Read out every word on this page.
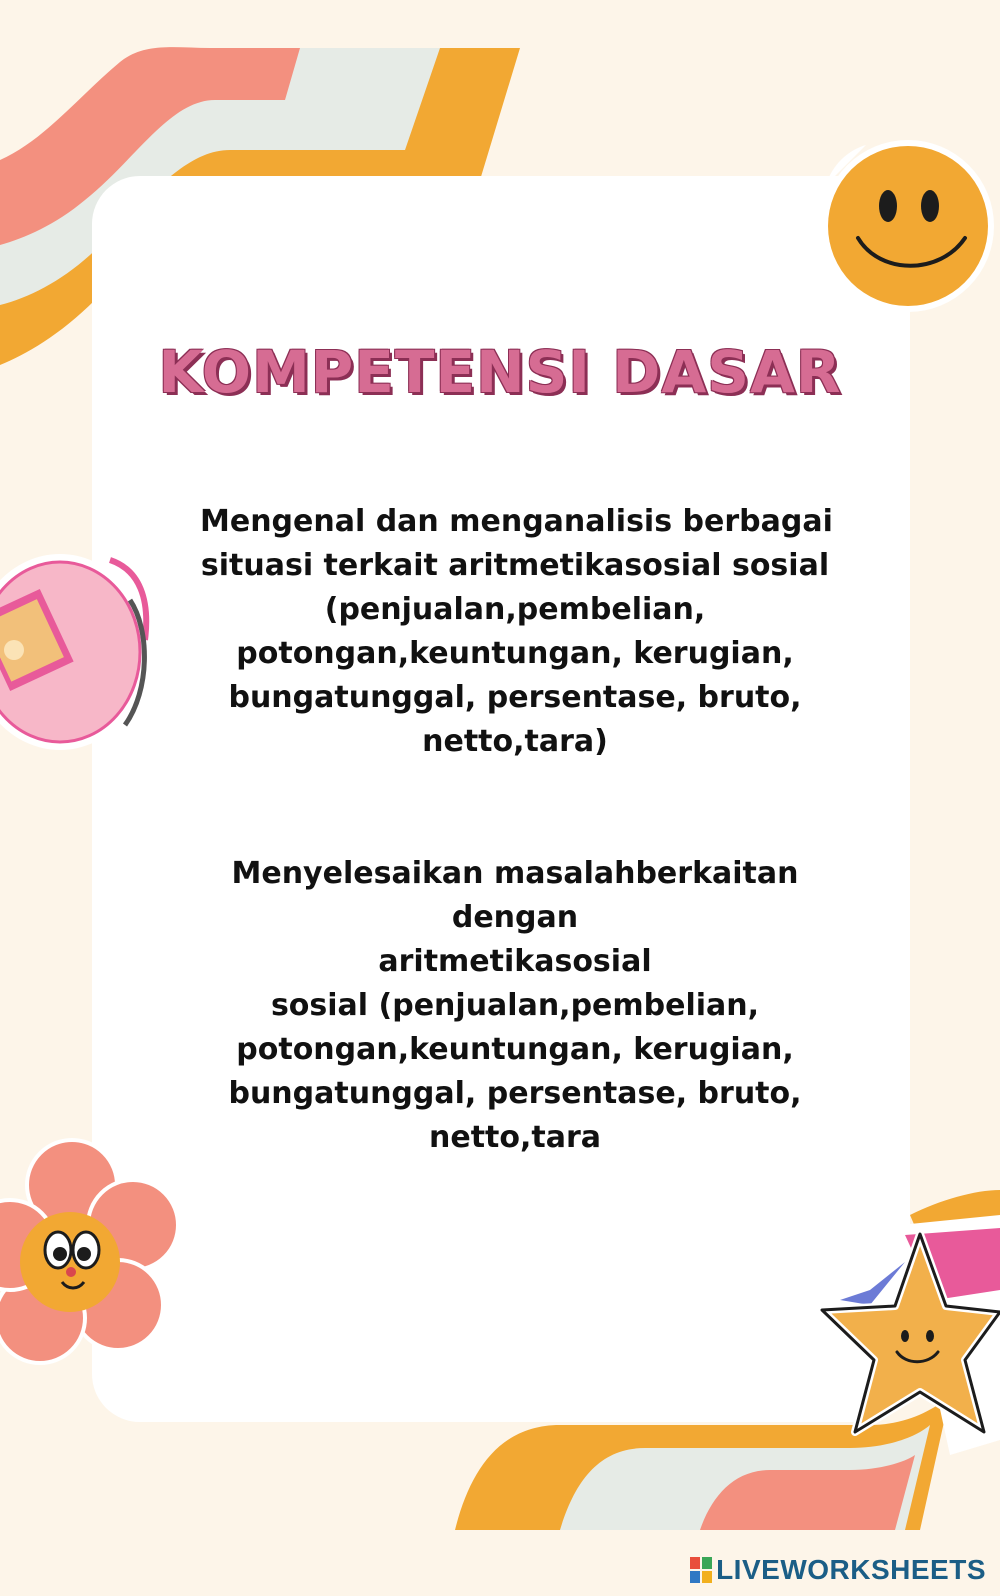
KOMPETENSI DASAR
Mengenal dan menganalisis berbagai
situasi terkait aritmetikasosial sosial
(penjualan,pembelian,
potongan,keuntungan, kerugian,
bungatunggal, persentase, bruto,
netto,tara)
Menyelesaikan masalahberkaitan
dengan
aritmetikasosial
sosial (penjualan,pembelian,
potongan,keuntungan, kerugian,
bungatunggal, persentase, bruto,
netto,tara
LIVEWORKSHEETS
